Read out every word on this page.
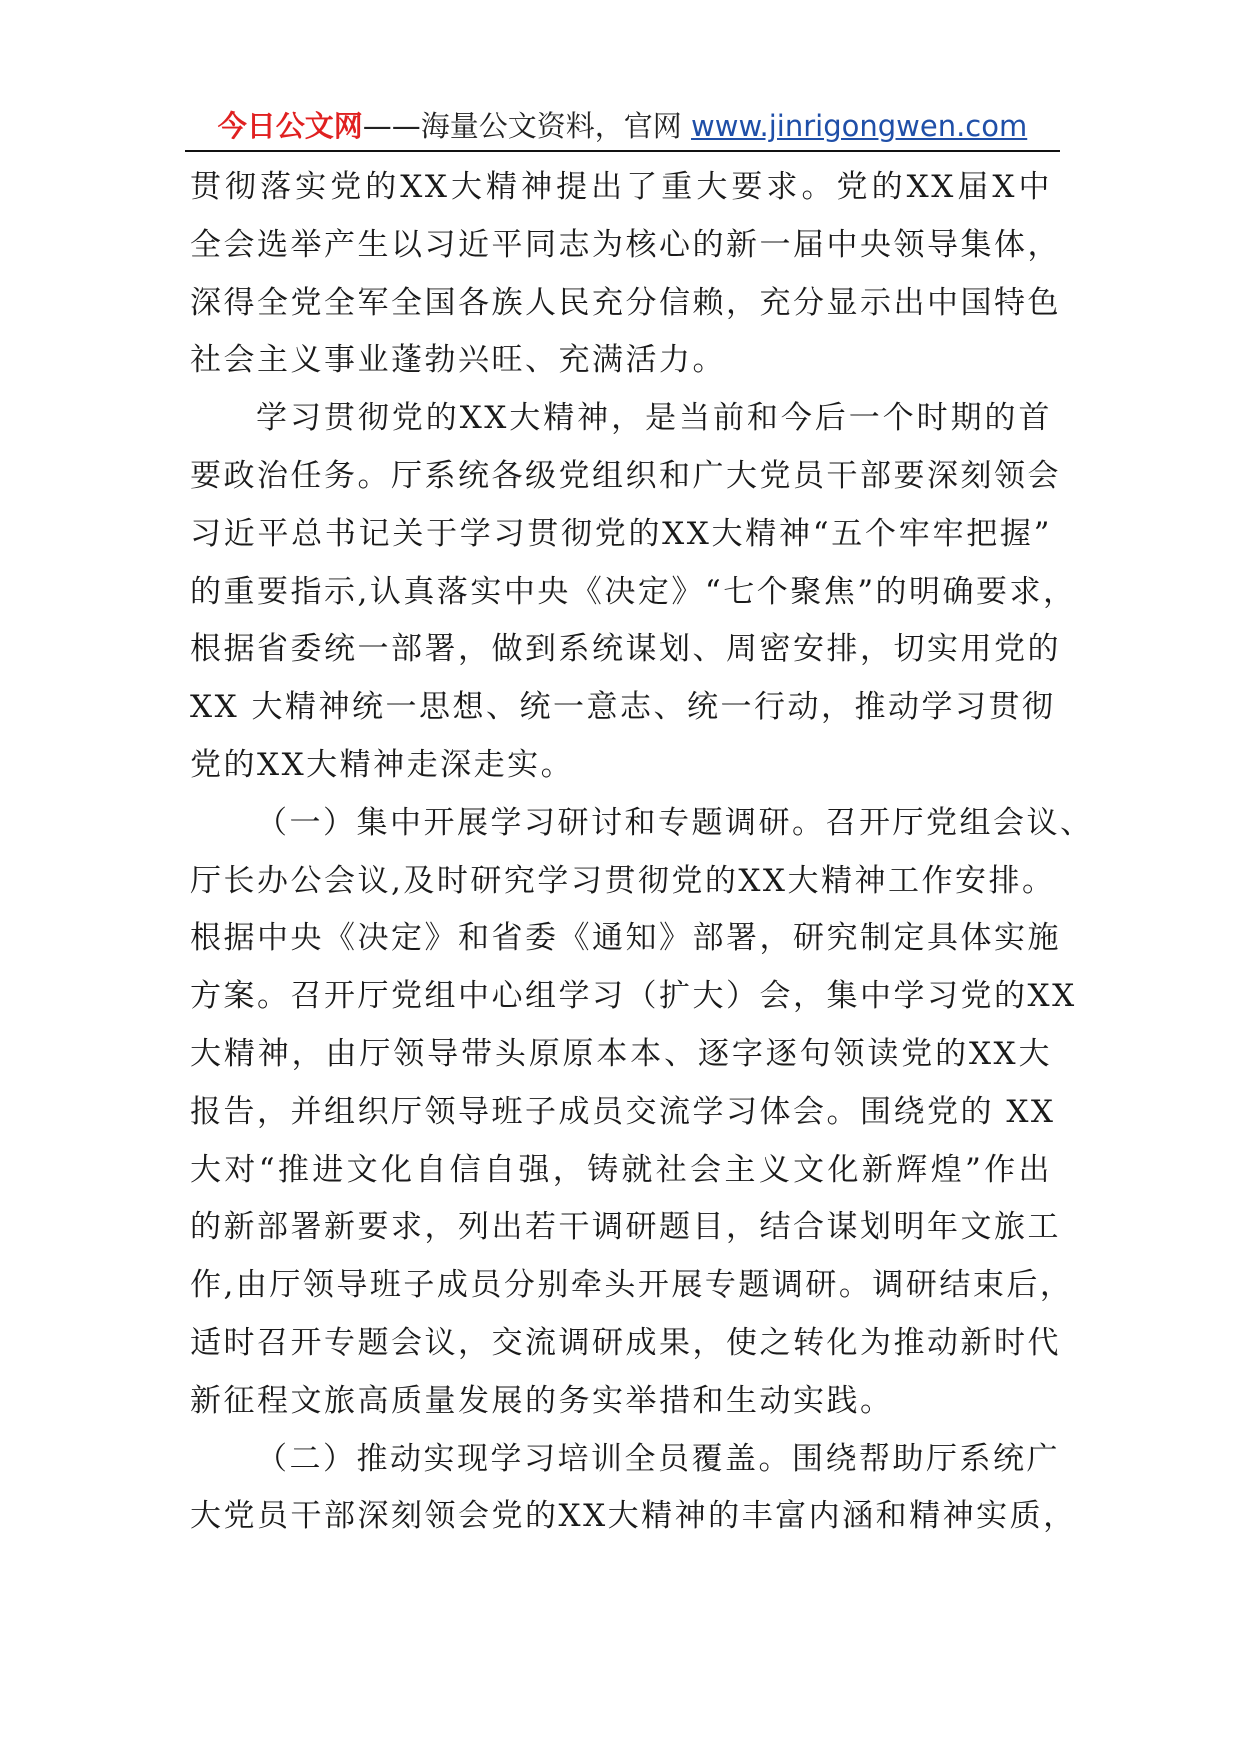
今日公文网——海量公文资料，官网 www.jinrigongwen.com

贯彻落实党的XX大精神提出了重大要求。党的XX届X中

全会选举产生以习近平同志为核心的新一届中央领导集体，

深得全党全军全国各族人民充分信赖，充分显示出中国特色

社会主义事业蓬勃兴旺、充满活力。

学习贯彻党的XX大精神，是当前和今后一个时期的首

要政治任务。厅系统各级党组织和广大党员干部要深刻领会

习近平总书记关于学习贯彻党的XX大精神“五个牢牢把握”

的重要指示,认真落实中央《决定》“七个聚焦”的明确要求，

根据省委统一部署，做到系统谋划、周密安排，切实用党的

XX 大精神统一思想、统一意志、统一行动，推动学习贯彻

党的XX大精神走深走实。

（一）集中开展学习研讨和专题调研。召开厅党组会议、

厅长办公会议,及时研究学习贯彻党的XX大精神工作安排。

根据中央《决定》和省委《通知》部署，研究制定具体实施

方案。召开厅党组中心组学习（扩大）会，集中学习党的XX

大精神，由厅领导带头原原本本、逐字逐句领读党的XX大

报告，并组织厅领导班子成员交流学习体会。围绕党的 XX

大对“推进文化自信自强，铸就社会主义文化新辉煌”作出

的新部署新要求，列出若干调研题目，结合谋划明年文旅工

作,由厅领导班子成员分别牵头开展专题调研。调研结束后，

适时召开专题会议，交流调研成果，使之转化为推动新时代

新征程文旅高质量发展的务实举措和生动实践。

（二）推动实现学习培训全员覆盖。围绕帮助厅系统广

大党员干部深刻领会党的XX大精神的丰富内涵和精神实质，
